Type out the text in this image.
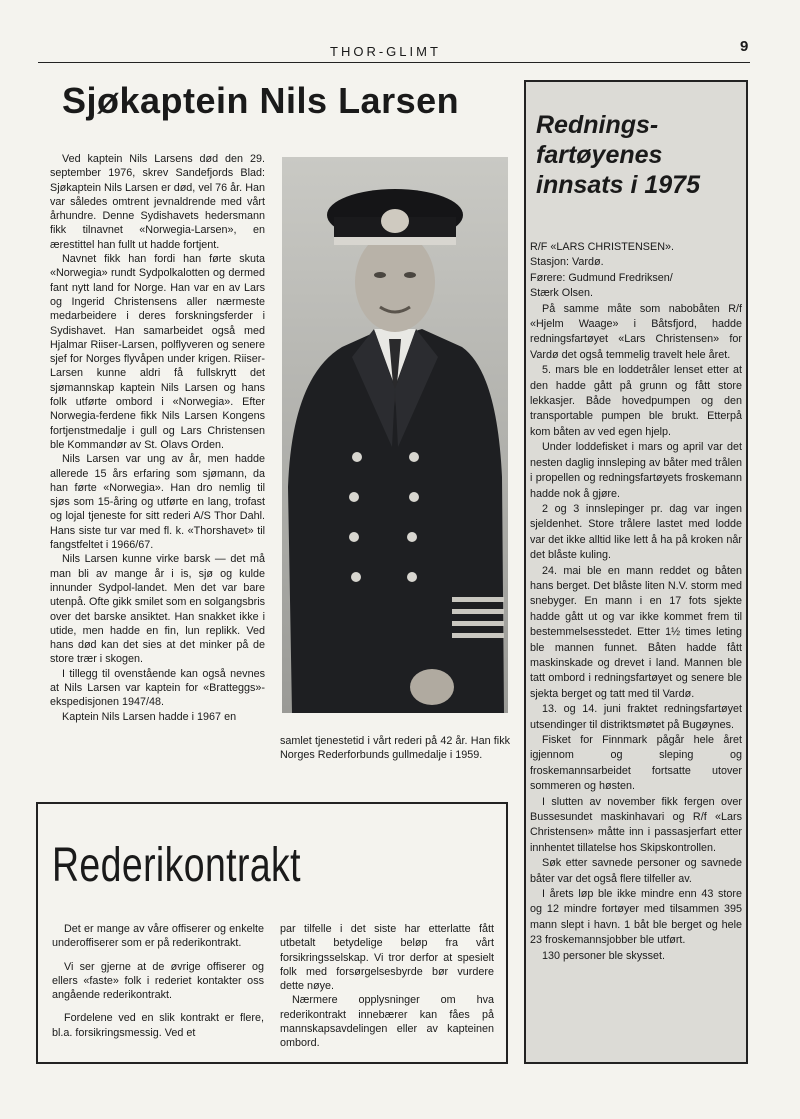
THOR-GLIMT	9
Sjøkaptein Nils Larsen

Ved kaptein Nils Larsens død den 29. september 1976, skrev Sandefjords Blad: Sjøkaptein Nils Larsen er død, vel 76 år. Han var således omtrent jevnaldrende med vårt århundre. Denne Sydishavets hedersmann fikk tilnavnet «Norwegia-Larsen», en ærestittel han fullt ut hadde fortjent.

Navnet fikk han fordi han førte skuta «Norwegia» rundt Sydpolkalotten og dermed fant nytt land for Norge. Han var en av Lars og Ingerid Christensens aller nærmeste medarbeidere i deres forskningsferder i Sydishavet. Han samarbeidet også med Hjalmar Riiser-Larsen, polflyveren og senere sjef for Norges flyvåpen under krigen. Riiser-Larsen kunne aldri få fullskrytt det sjømannskap kaptein Nils Larsen og hans folk utførte ombord i «Norwegia». Efter Norwegia-ferdene fikk Nils Larsen Kongens fortjenstmedalje i gull og Lars Christensen ble Kommandør av St. Olavs Orden.

Nils Larsen var ung av år, men hadde allerede 15 års erfaring som sjømann, da han førte «Norwegia». Han dro nemlig til sjøs som 15-åring og utførte en lang, trofast og lojal tjeneste for sitt rederi A/S Thor Dahl. Hans siste tur var med fl. k. «Thorshavet» til fangstfeltet i 1966/67.

Nils Larsen kunne virke barsk — det må man bli av mange år i is, sjø og kulde innunder Sydpol-landet. Men det var bare utenpå. Ofte gikk smilet som en solgangsbris over det barske ansiktet. Han snakket ikke i utide, men hadde en fin, lun replikk. Ved hans død kan det sies at det minker på de store trær i skogen.

I tillegg til ovenstående kan også nevnes at Nils Larsen var kaptein for «Bratteggs»-ekspedisjonen 1947/48.

Kaptein Nils Larsen hadde i 1967 en

samlet tjenestetid i vårt rederi på 42 år. Han fikk Norges Rederforbunds gullmedalje i 1959.
Rednings-fartøyenes innsats i 1975

R/F «LARS CHRISTENSEN».

Stasjon: Vardø.

Førere: Gudmund Fredriksen/

Stærk Olsen.

På samme måte som nabobåten R/f «Hjelm Waage» i Båtsfjord, hadde redningsfartøyet «Lars Christensen» for Vardø det også temmelig travelt hele året.

5. mars ble en loddetråler lenset etter at den hadde gått på grunn og fått store lekkasjer. Både hovedpumpen og den transportable pumpen ble brukt. Etterpå kom båten av ved egen hjelp.

Under loddefisket i mars og april var det nesten daglig innsleping av båter med trålen i propellen og redningsfartøyets froskemann hadde nok å gjøre.

2 og 3 innslepinger pr. dag var ingen sjeldenhet. Store trålere lastet med lodde var det ikke alltid like lett å ha på kroken når det blåste kuling.

24. mai ble en mann reddet og båten hans berget. Det blåste liten N.V. storm med snebyger. En mann i en 17 fots sjekte hadde gått ut og var ikke kommet frem til bestemmelsesstedet. Etter 1½ times leting ble mannen funnet. Båten hadde fått maskinskade og drevet i land. Mannen ble tatt ombord i redningsfartøyet og senere ble sjekta berget og tatt med til Vardø.

13. og 14. juni fraktet redningsfartøyet utsendinger til distriktsmøtet på Bugøynes.

Fisket for Finnmark pågår hele året igjennom og sleping og froskemannsarbeidet fortsatte utover sommeren og høsten.

I slutten av november fikk fergen over Bussesundet maskinhavari og R/f «Lars Christensen» måtte inn i passasjerfart etter innhentet tillatelse hos Skipskontrollen.

Søk etter savnede personer og savnede båter var det også flere tilfeller av.

I årets løp ble ikke mindre enn 43 store og 12 mindre fortøyer med tilsammen 395 mann slept i havn. 1 båt ble berget og hele 23 froskemannsjobber ble utført.

130 personer ble skysset.

Rederikontrakt

Det er mange av våre offiserer og enkelte underoffiserer som er på rederikontrakt.

Vi ser gjerne at de øvrige offiserer og ellers «faste» folk i rederiet kontakter oss angående rederikontrakt.

Fordelene ved en slik kontrakt er flere, bl.a. forsikringsmessig. Ved et

par tilfelle i det siste har etterlatte fått utbetalt betydelige beløp fra vårt forsikringsselskap. Vi tror derfor at spesielt folk med forsørgelsesbyrde bør vurdere dette nøye.

Nærmere opplysninger om hva rederikontrakt innebærer kan fåes på mannskapsavdelingen eller av kapteinen ombord.
